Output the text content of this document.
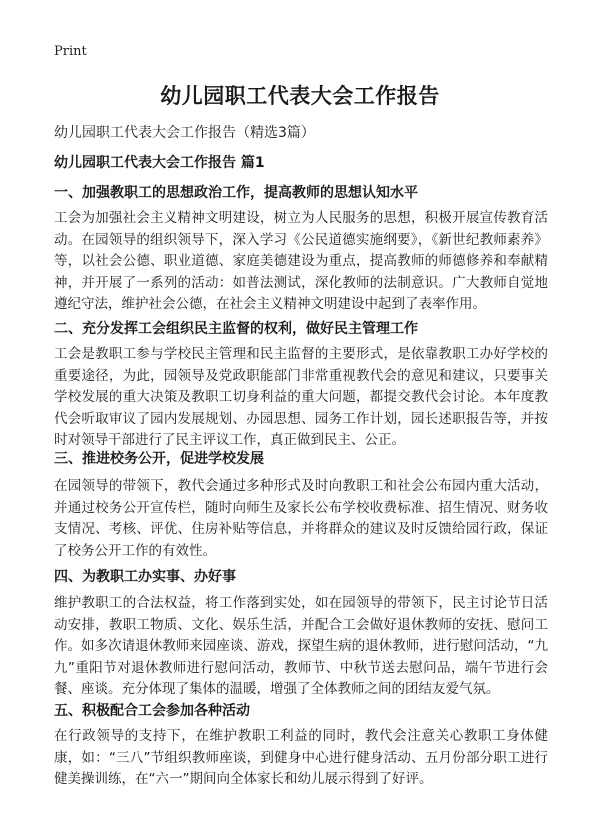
Print
幼儿园职工代表大会工作报告

幼儿园职工代表大会工作报告（精选3篇）

幼儿园职工代表大会工作报告 篇1

一、加强教职工的思想政治工作，提高教师的思想认知水平

工会为加强社会主义精神文明建设，树立为人民服务的思想，积极开展宣传教育活动。在园领导的组织领导下，深入学习《公民道德实施纲要》，《新世纪教师素养》等，以社会公德、职业道德、家庭美德建设为重点，提高教师的师德修养和奉献精神，并开展了一系列的活动：如普法测试，深化教师的法制意识。广大教师自觉地遵纪守法，维护社会公德，在社会主义精神文明建设中起到了表率作用。

二、充分发挥工会组织民主监督的权利，做好民主管理工作

工会是教职工参与学校民主管理和民主监督的主要形式，是依靠教职工办好学校的重要途径，为此，园领导及党政职能部门非常重视教代会的意见和建议，只要事关学校发展的重大决策及教职工切身利益的重大问题，都提交教代会讨论。本年度教代会听取审议了园内发展规划、办园思想、园务工作计划，园长述职报告等，并按时对领导干部进行了民主评议工作，真正做到民主、公正。

三、推进校务公开，促进学校发展

在园领导的带领下，教代会通过多种形式及时向教职工和社会公布园内重大活动，并通过校务公开宣传栏，随时向师生及家长公布学校收费标准、招生情况、财务收支情况、考核、评优、住房补贴等信息，并将群众的建议及时反馈给园行政，保证了校务公开工作的有效性。

四、为教职工办实事、办好事

维护教职工的合法权益，将工作落到实处，如在园领导的带领下，民主讨论节日活动安排，教职工物质、文化、娱乐生活，并配合工会做好退休教师的安抚、慰问工作。如多次请退休教师来园座谈、游戏，探望生病的退休教师，进行慰问活动，“九九”重阳节对退休教师进行慰问活动，教师节、中秋节送去慰问品，端午节进行会餐、座谈。充分体现了集体的温暖，增强了全体教师之间的团结友爱气氛。

五、积极配合工会参加各种活动

在行政领导的支持下，在维护教职工利益的同时，教代会注意关心教职工身体健康，如：“三八”节组织教师座谈，到健身中心进行健身活动、五月份部分职工进行健美操训练，在“六一”期间向全体家长和幼儿展示得到了好评。
